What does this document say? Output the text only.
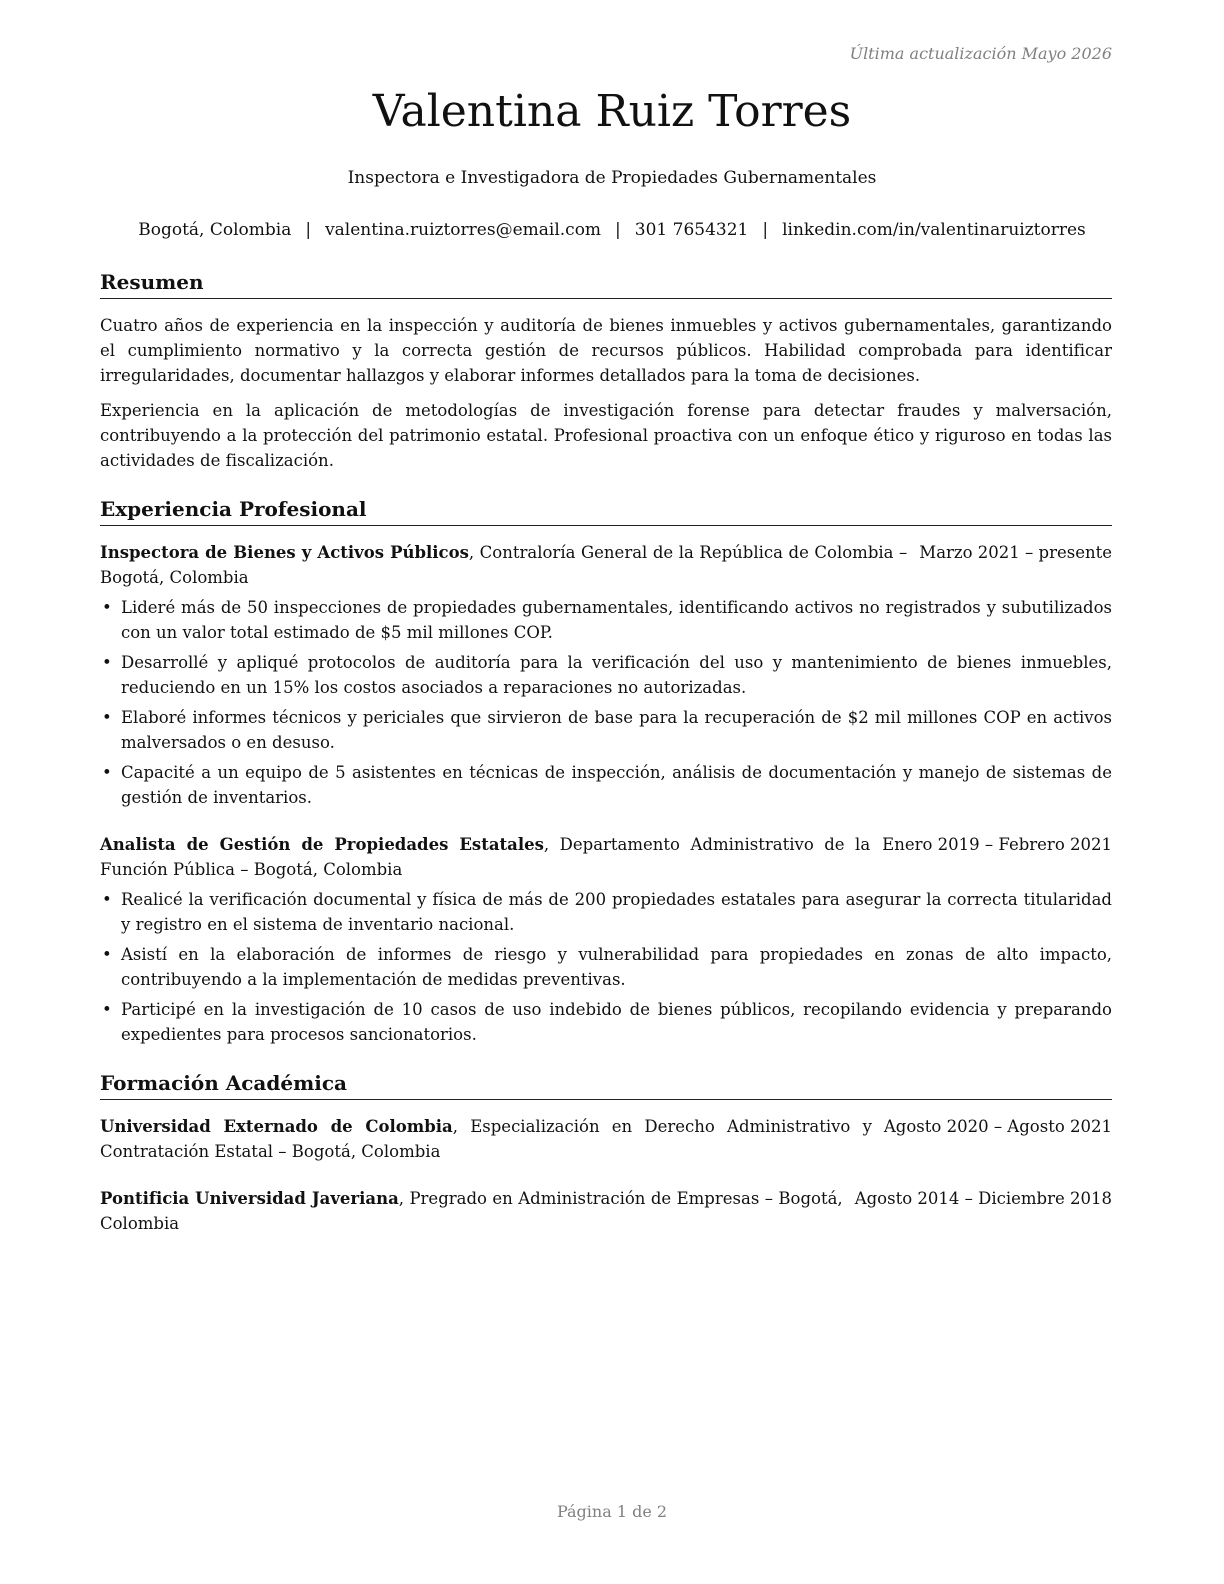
Última actualización Mayo 2026
Valentina Ruiz Torres
Inspectora e Investigadora de Propiedades Gubernamentales
Bogotá, Colombia | valentina.ruiztorres@email.com | 301 7654321 | linkedin.com/in/valentinaruiztorres
Resumen

Cuatro años de experiencia en la inspección y auditoría de bienes inmuebles y activos gubernamentales, garantizando el cumplimiento normativo y la correcta gestión de recursos públicos. Habilidad comprobada para identificar irregularidades, documentar hallazgos y elaborar informes detallados para la toma de decisiones.

Experiencia en la aplicación de metodologías de investigación forense para detectar fraudes y malversación, contribuyendo a la protección del patrimonio estatal. Profesional proactiva con un enfoque ético y riguroso en todas las actividades de fiscalización.

Experiencia Profesional
Marzo 2021 – presente
Inspectora de Bienes y Activos Públicos, Contraloría General de la República de Colombia – Bogotá, Colombia
• Lideré más de 50 inspecciones de propiedades gubernamentales, identificando activos no registrados y subutilizados con un valor total estimado de $5 mil millones COP.
• Desarrollé y apliqué protocolos de auditoría para la verificación del uso y mantenimiento de bienes inmuebles, reduciendo en un 15% los costos asociados a reparaciones no autorizadas.
• Elaboré informes técnicos y periciales que sirvieron de base para la recuperación de $2 mil millones COP en activos malversados o en desuso.
• Capacité a un equipo de 5 asistentes en técnicas de inspección, análisis de documentación y manejo de sistemas de gestión de inventarios.
Enero 2019 – Febrero 2021
Analista de Gestión de Propiedades Estatales, Departamento Administrativo de la Función Pública – Bogotá, Colombia
• Realicé la verificación documental y física de más de 200 propiedades estatales para asegurar la correcta titularidad y registro en el sistema de inventario nacional.
• Asistí en la elaboración de informes de riesgo y vulnerabilidad para propiedades en zonas de alto impacto, contribuyendo a la implementación de medidas preventivas.
• Participé en la investigación de 10 casos de uso indebido de bienes públicos, recopilando evidencia y preparando expedientes para procesos sancionatorios.
Formación Académica
Agosto 2020 – Agosto 2021
Universidad Externado de Colombia, Especialización en Derecho Administrativo y Contratación Estatal – Bogotá, Colombia
Agosto 2014 – Diciembre 2018
Pontificia Universidad Javeriana, Pregrado en Administración de Empresas – Bogotá, Colombia
Página 1 de 2
